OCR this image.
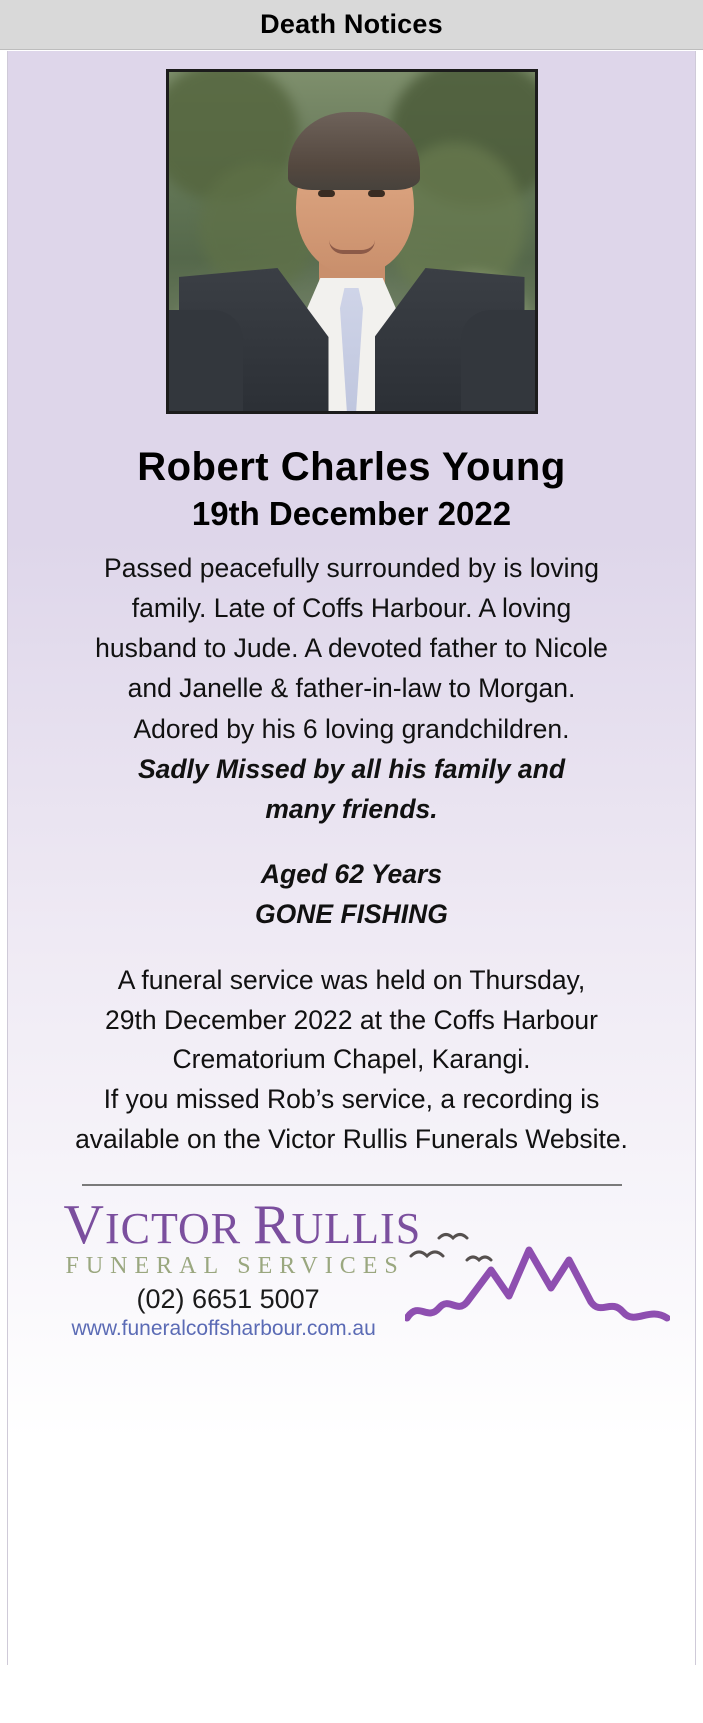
Death Notices
Robert Charles Young
19th December 2022
Passed peacefully surrounded by is loving
family. Late of Coffs Harbour. A loving
husband to Jude. A devoted father to Nicole
and Janelle & father-in-law to Morgan.
Adored by his 6 loving grandchildren.
Sadly Missed by all his family and
many friends.
Aged 62 Years
GONE FISHING
A funeral service was held on Thursday,
29th December 2022 at the Coffs Harbour
Crematorium Chapel, Karangi.
If you missed Rob’s service, a recording is
available on the Victor Rullis Funerals Website.
VICTOR RULLIS
FUNERAL SERVICES
(02) 6651 5007
www.funeralcoffsharbour.com.au
